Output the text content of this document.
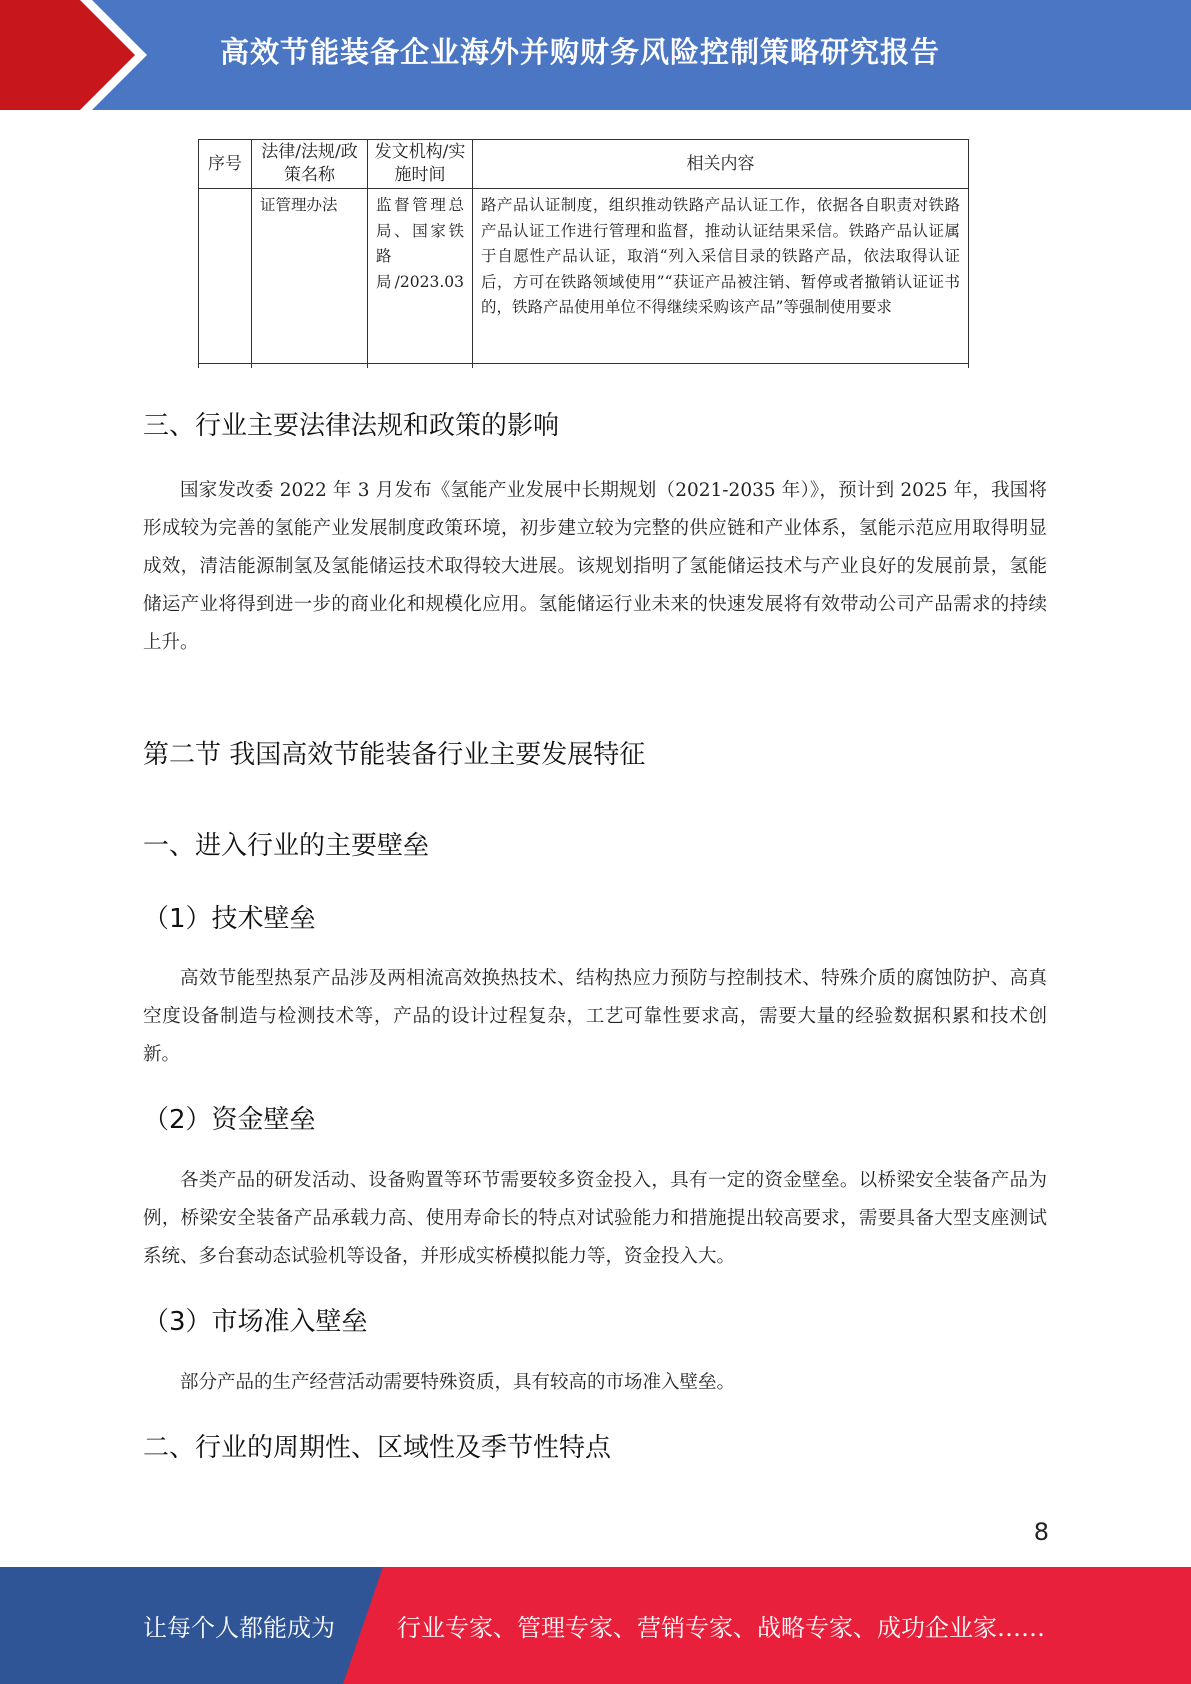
高效节能装备企业海外并购财务风险控制策略研究报告
序号	法律/法规/政策名称	发文机构/实施时间	相关内容
	证管理办法	监督管理总局、国家铁路局/2023.03	路产品认证制度，组织推动铁路产品认证工作，依据各自职责对铁路产品认证工作进行管理和监督，推动认证结果采信。铁路产品认证属于自愿性产品认证，取消“列入采信目录的铁路产品，依法取得认证后，方可在铁路领域使用”“获证产品被注销、暂停或者撤销认证证书的，铁路产品使用单位不得继续采购该产品”等强制使用要求
三、行业主要法律法规和政策的影响

国家发改委 2022 年 3 月发布《氢能产业发展中长期规划（2021-2035 年）》，预计到 2025 年，我国将形成较为完善的氢能产业发展制度政策环境，初步建立较为完整的供应链和产业体系，氢能示范应用取得明显成效，清洁能源制氢及氢能储运技术取得较大进展。该规划指明了氢能储运技术与产业良好的发展前景，氢能储运产业将得到进一步的商业化和规模化应用。氢能储运行业未来的快速发展将有效带动公司产品需求的持续上升。

第二节 我国高效节能装备行业主要发展特征
一、进入行业的主要壁垒
（1）技术壁垒

高效节能型热泵产品涉及两相流高效换热技术、结构热应力预防与控制技术、特殊介质的腐蚀防护、高真空度设备制造与检测技术等，产品的设计过程复杂，工艺可靠性要求高，需要大量的经验数据积累和技术创新。

（2）资金壁垒

各类产品的研发活动、设备购置等环节需要较多资金投入，具有一定的资金壁垒。以桥梁安全装备产品为例，桥梁安全装备产品承载力高、使用寿命长的特点对试验能力和措施提出较高要求，需要具备大型支座测试系统、多台套动态试验机等设备，并形成实桥模拟能力等，资金投入大。

（3）市场准入壁垒

部分产品的生产经营活动需要特殊资质，具有较高的市场准入壁垒。

二、行业的周期性、区域性及季节性特点
8
让每个人都能成为	行业专家、管理专家、营销专家、战略专家、成功企业家……
